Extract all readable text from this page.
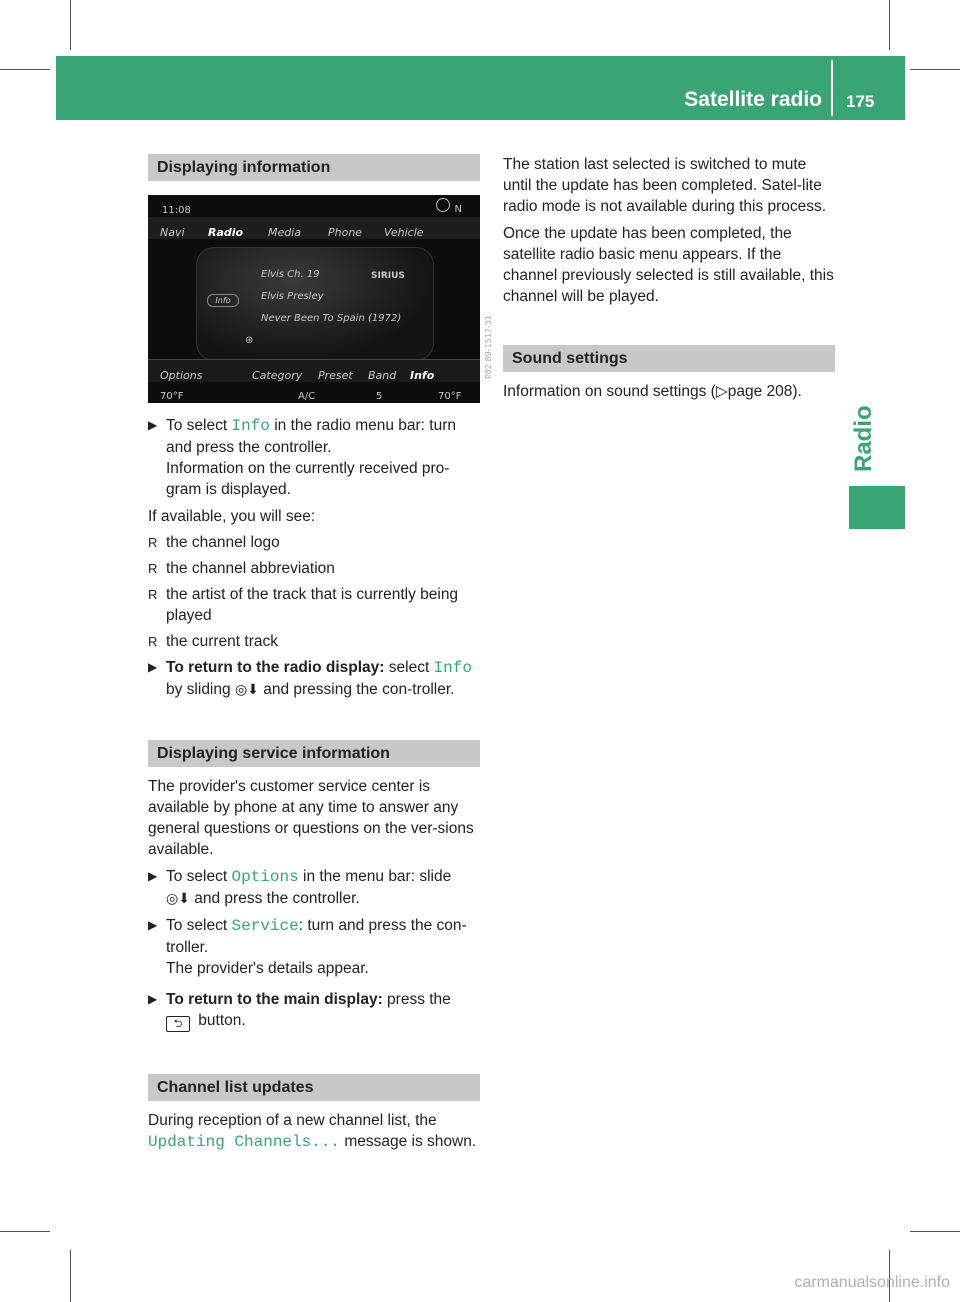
Satellite radio 175
Radio
Displaying information
11:08	N
Navi Radio Media Phone Vehicle
Info
Elvis Ch. 19	SIRIUS
Elvis Presley
Never Been To Spain (1972)
⊛
Options	Category Preset Band Info
70°F	A/C	5	70°F
P82.89-1517-31
▶ To select Info in the radio menu bar: turn and press the controller.

Information on the currently received pro-gram is displayed.

If available, you will see:

R the channel logo
R the channel abbreviation
R the artist of the track that is currently being played
R the current track
▶ To return to the radio display: select Info by sliding ◎⬇ and pressing the con-troller.
Displaying service information

The provider's customer service center is available by phone at any time to answer any general questions or questions on the ver-sions available.

▶ To select Options in the menu bar: slide
◎⬇ and press the controller.
▶ To select Service: turn and press the con-troller.

The provider's details appear.

▶ To return to the main display: press the
⮌ button.
Channel list updates

During reception of a new channel list, the
Updating Channels... message is shown.

The station last selected is switched to mute until the update has been completed. Satel-lite radio mode is not available during this process.

Once the update has been completed, the satellite radio basic menu appears. If the channel previously selected is still available, this channel will be played.

Sound settings

Information on sound settings (▷page 208).

carmanualsonline.info
